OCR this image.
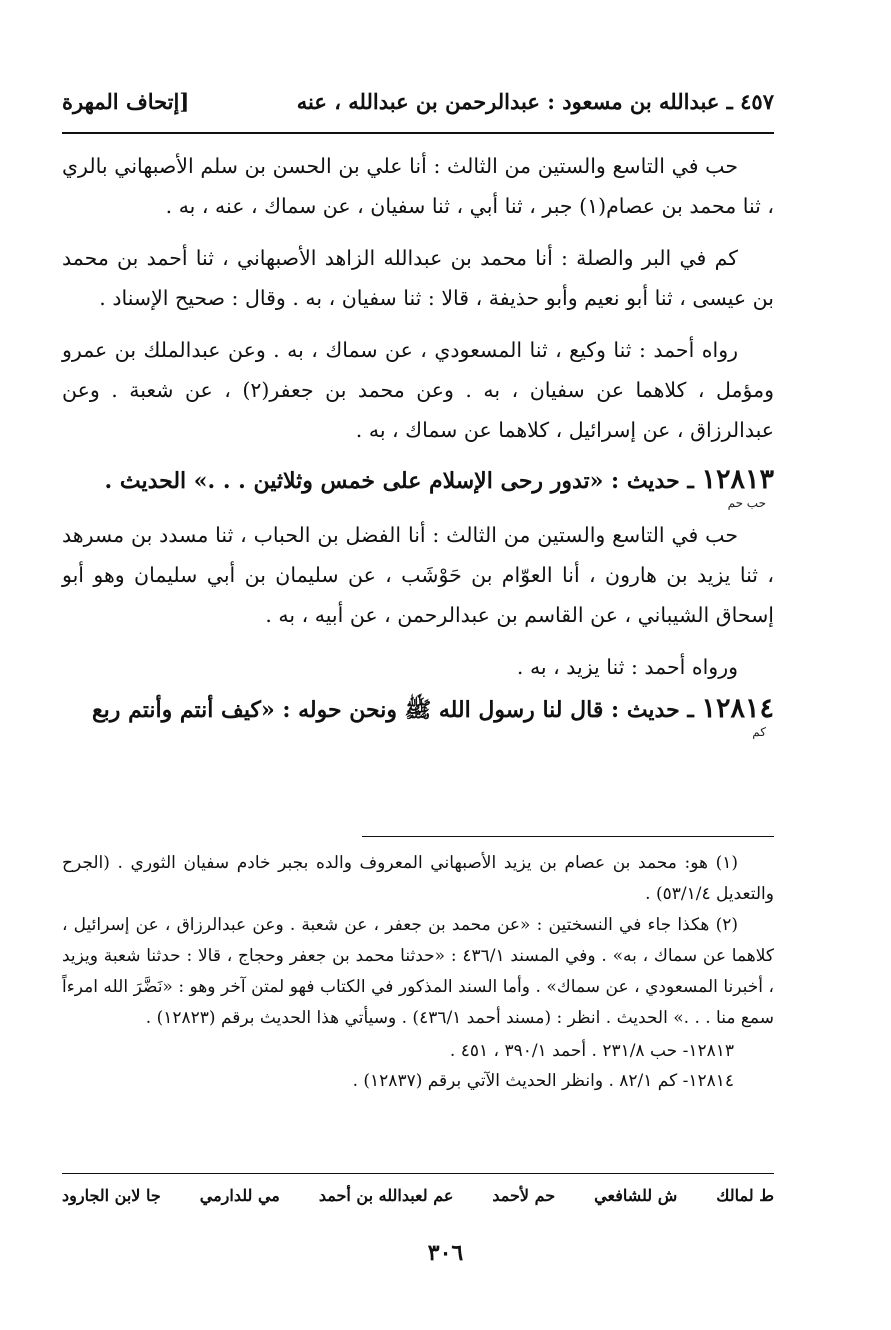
٤٥٧ ـ عبدالله بن مسعود : عبدالرحمن بن عبدالله ، عنه
[إتحاف المهرة

حب في التاسع والستين من الثالث : أنا علي بن الحسن بن سلم الأصبهاني بالري ، ثنا محمد بن عصام(١) جبر ، ثنا أبي ، ثنا سفيان ، عن سماك ، عنه ، به .

كم في البر والصلة : أنا محمد بن عبدالله الزاهد الأصبهاني ، ثنا أحمد بن محمد بن عيسى ، ثنا أبو نعيم وأبو حذيفة ، قالا : ثنا سفيان ، به . وقال : صحيح الإسناد .

رواه أحمد : ثنا وكيع ، ثنا المسعودي ، عن سماك ، به . وعن عبدالملك بن عمرو ومؤمل ، كلاهما عن سفيان ، به . وعن محمد بن جعفر(٢) ، عن شعبة . وعن عبدالرزاق ، عن إسرائيل ، كلاهما عن سماك ، به .

١٢٨١٣ ـ حديث : «تدور رحى الإسلام على خمس وثلاثين . . .» الحديث .

حب حم

حب في التاسع والستين من الثالث : أنا الفضل بن الحباب ، ثنا مسدد بن مسرهد ، ثنا يزيد بن هارون ، أنا العوّام بن حَوْشَب ، عن سليمان بن أبي سليمان وهو أبو إسحاق الشيباني ، عن القاسم بن عبدالرحمن ، عن أبيه ، به .

ورواه أحمد : ثنا يزيد ، به .

١٢٨١٤ ـ حديث : قال لنا رسول الله ﷺ ونحن حوله : «كيف أنتم وأنتم ربع

كم

(١) هو: محمد بن عصام بن يزيد الأصبهاني المعروف والده بجبر خادم سفيان الثوري . (الجرح والتعديل ٥٣/١/٤) .

(٢) هكذا جاء في النسختين : «عن محمد بن جعفر ، عن شعبة . وعن عبدالرزاق ، عن إسرائيل ، كلاهما عن سماك ، به» . وفي المسند ٤٣٦/١ : «حدثنا محمد بن جعفر وحجاج ، قالا : حدثنا شعبة ويزيد ، أخبرنا المسعودي ، عن سماك» . وأما السند المذكور في الكتاب فهو لمتن آخر وهو : «نَضَّرَ الله امرءاً سمع منا . . .» الحديث . انظر : (مسند أحمد ٤٣٦/١) . وسيأتي هذا الحديث برقم (١٢٨٢٣) .

١٢٨١٣- حب ٢٣١/٨ . أحمد ٣٩٠/١ ، ٤٥١ .
١٢٨١٤- كم ٨٢/١ . وانظر الحديث الآتي برقم (١٢٨٣٧) .
ط لمالك
ش للشافعي
حم لأحمد
عم لعبدالله بن أحمد
مي للدارمي
جا لابن الجارود
٣٠٦
